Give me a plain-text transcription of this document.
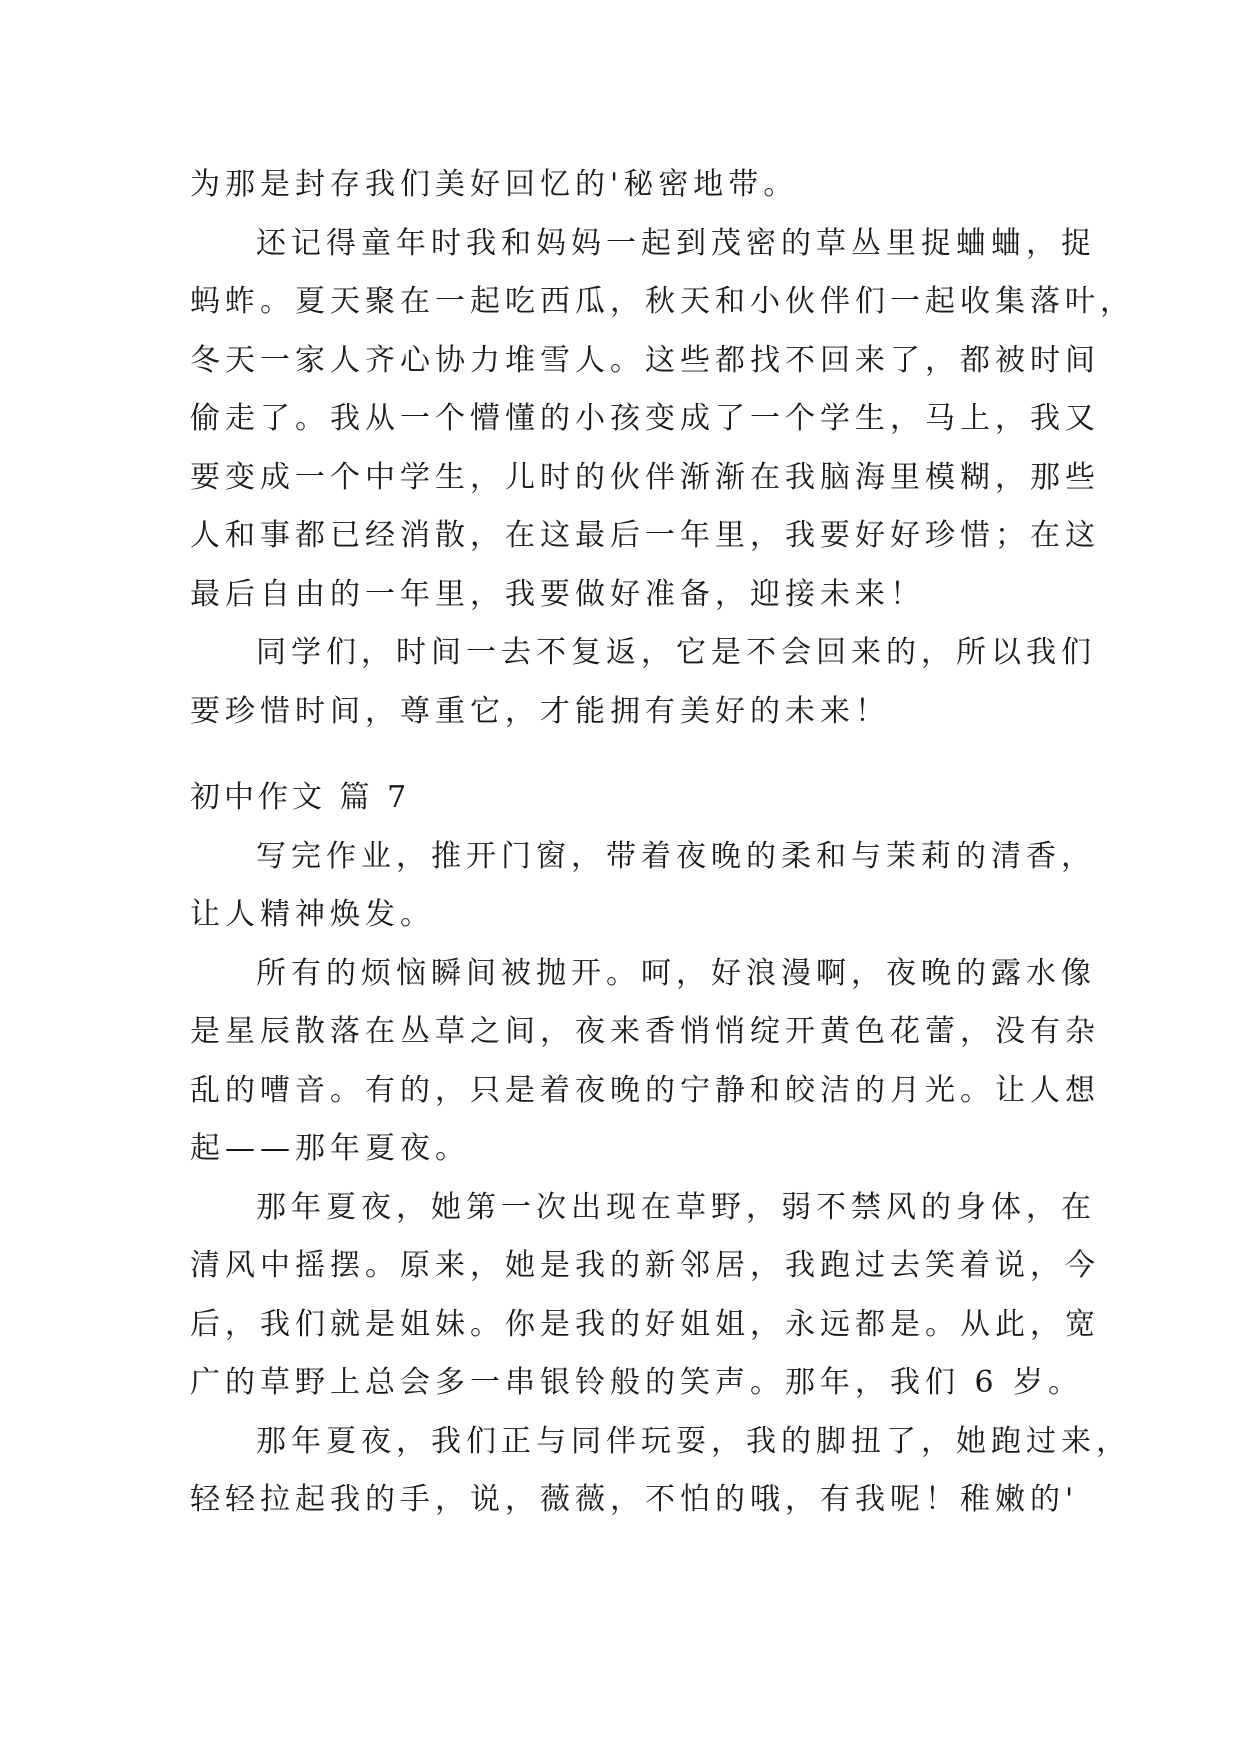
为那是封存我们美好回忆的'秘密地带。
还记得童年时我和妈妈一起到茂密的草丛里捉蛐蛐，捉
蚂蚱。夏天聚在一起吃西瓜，秋天和小伙伴们一起收集落叶，
冬天一家人齐心协力堆雪人。这些都找不回来了，都被时间
偷走了。我从一个懵懂的小孩变成了一个学生，马上，我又
要变成一个中学生，儿时的伙伴渐渐在我脑海里模糊，那些
人和事都已经消散，在这最后一年里，我要好好珍惜；在这
最后自由的一年里，我要做好准备，迎接未来！
同学们，时间一去不复返，它是不会回来的，所以我们
要珍惜时间，尊重它，才能拥有美好的未来！
初中作文 篇 7
写完作业，推开门窗，带着夜晚的柔和与茉莉的清香，
让人精神焕发。
所有的烦恼瞬间被抛开。呵，好浪漫啊，夜晚的露水像
是星辰散落在丛草之间，夜来香悄悄绽开黄色花蕾，没有杂
乱的嘈音。有的，只是着夜晚的宁静和皎洁的月光。让人想
起——那年夏夜。
那年夏夜，她第一次出现在草野，弱不禁风的身体，在
清风中摇摆。原来，她是我的新邻居，我跑过去笑着说，今
后，我们就是姐妹。你是我的好姐姐，永远都是。从此，宽
广的草野上总会多一串银铃般的笑声。那年，我们 6 岁。
那年夏夜，我们正与同伴玩耍，我的脚扭了，她跑过来，
轻轻拉起我的手，说，薇薇，不怕的哦，有我呢！稚嫩的'
